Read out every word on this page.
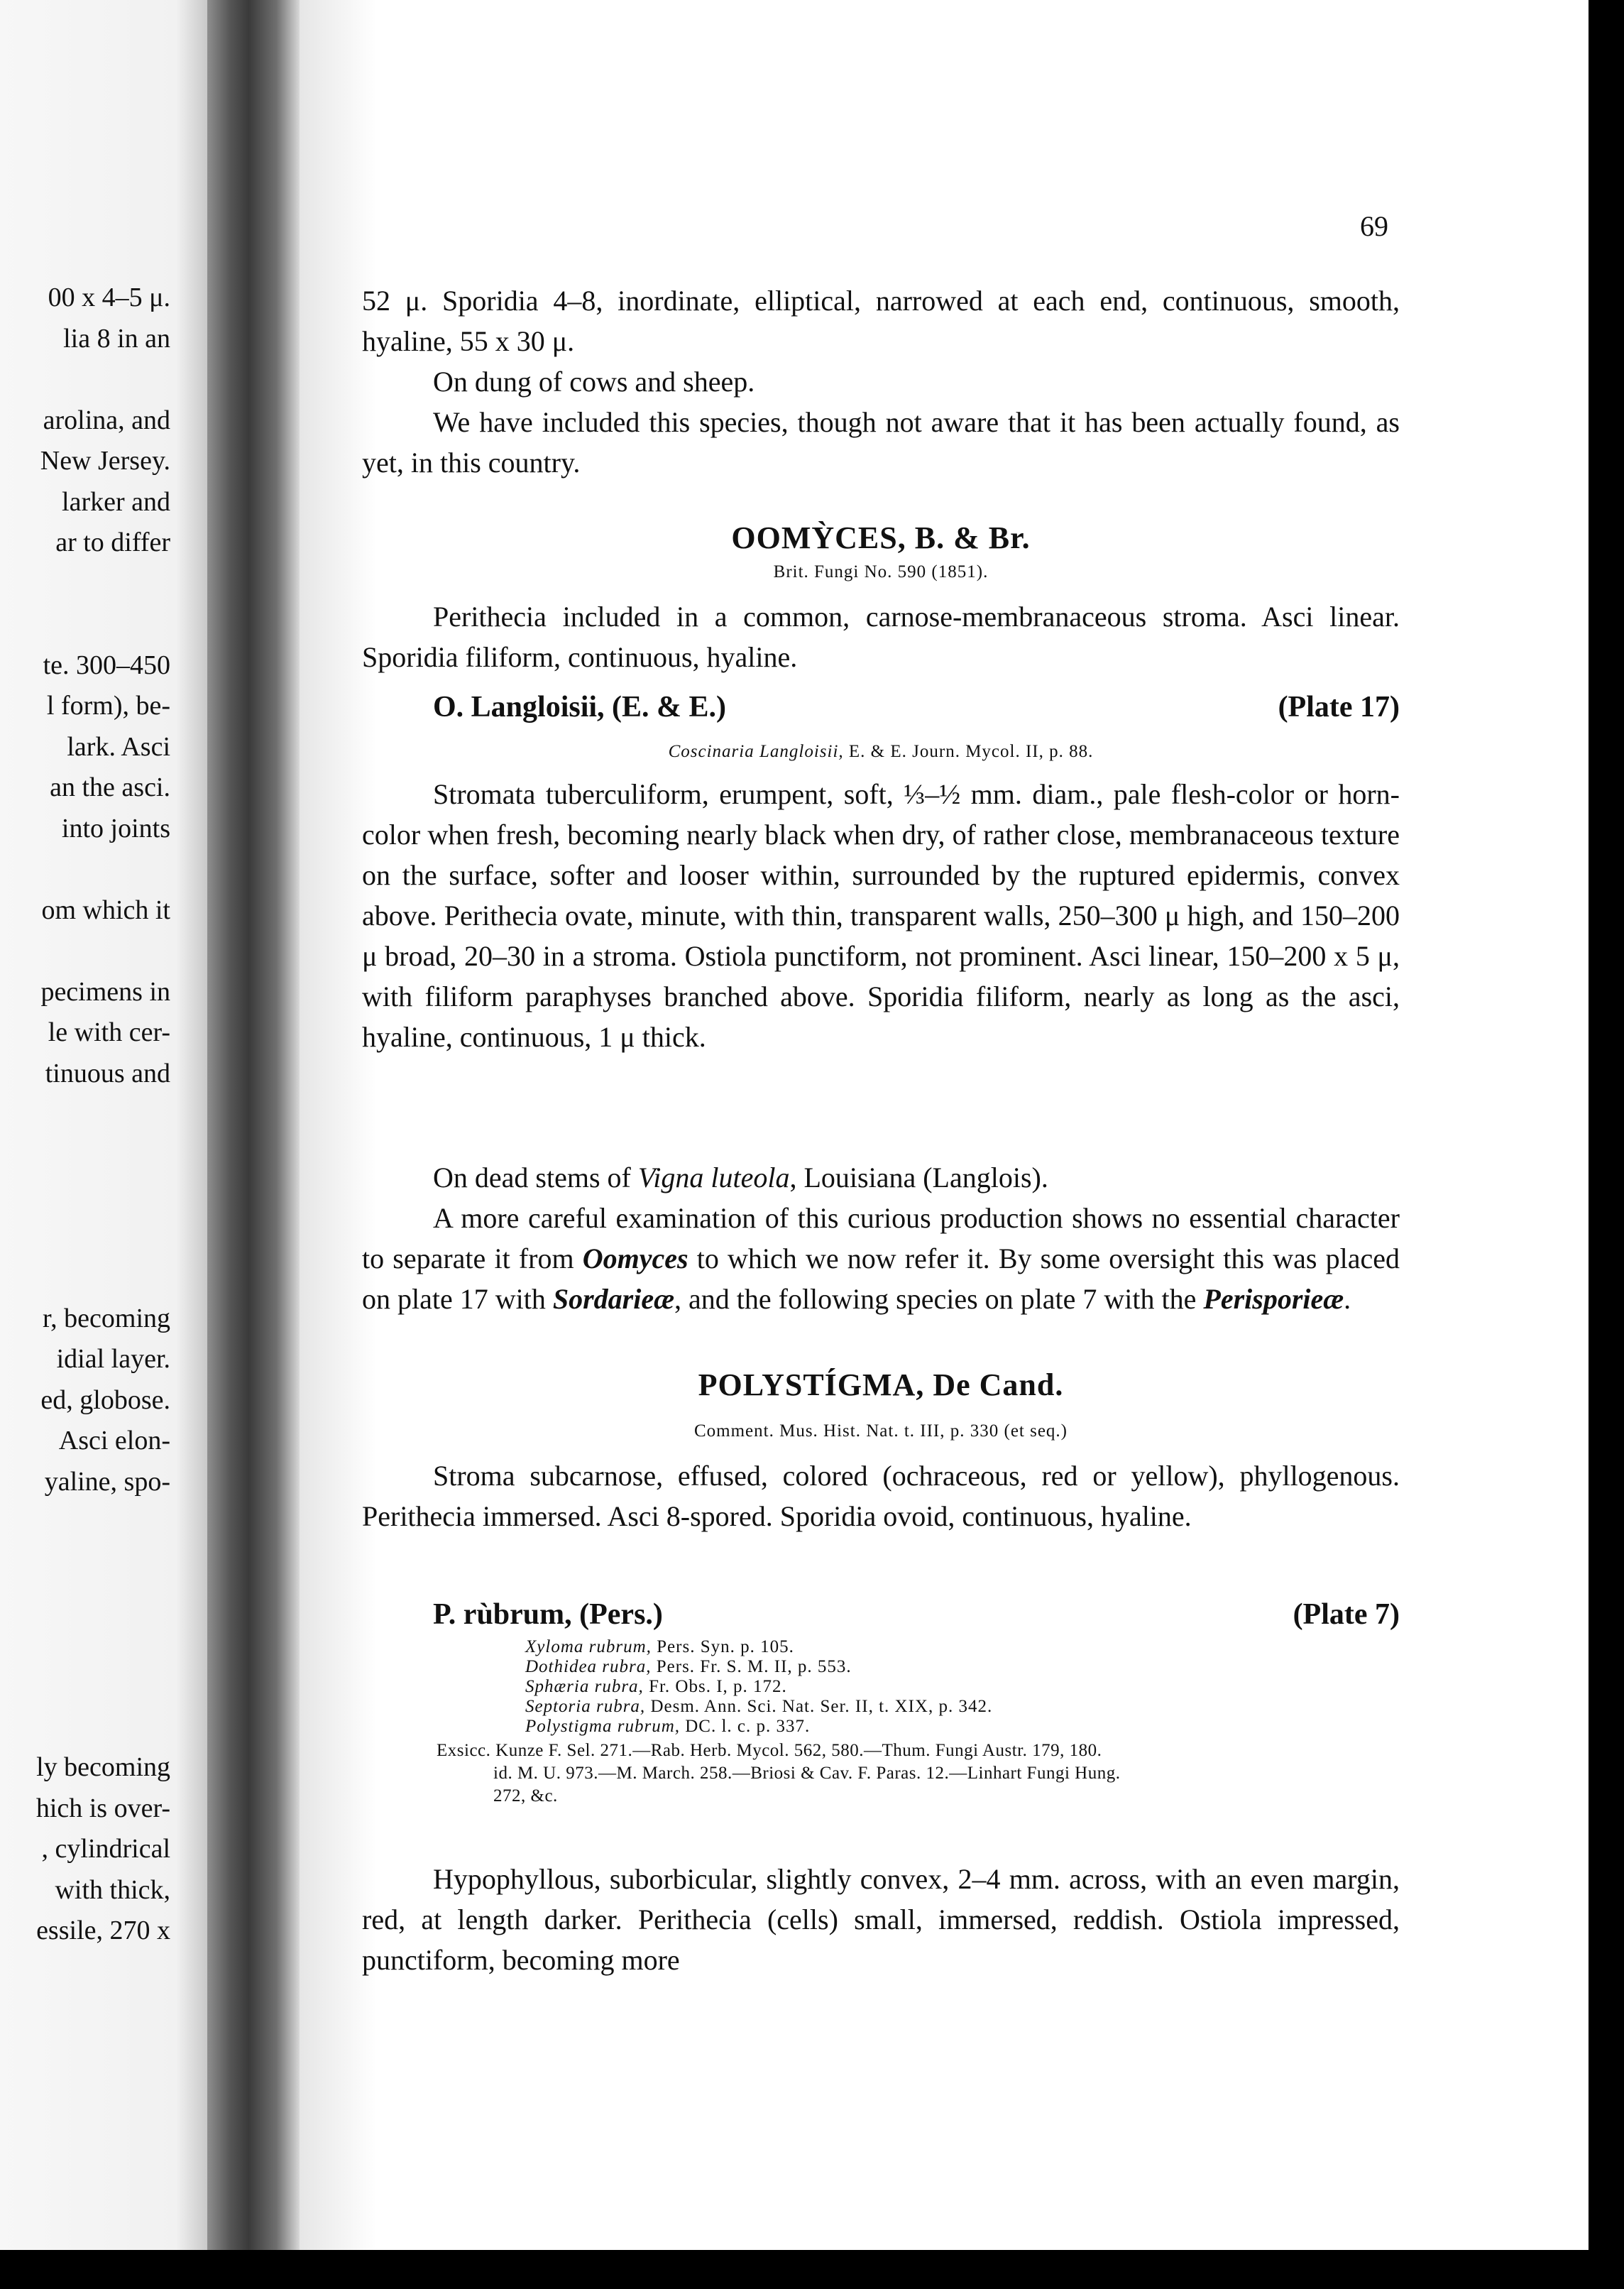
00 x 4–5 μ.
lia 8 in an
arolina, and
New Jersey.
larker and
ar to differ
te. 300–450
l form), be-
lark. Asci
an the asci.
into joints
om which it
pecimens in
le with cer-
tinuous and
r, becoming
idial layer.
ed, globose.
Asci elon-
yaline, spo-
ly becoming
hich is over-
, cylindrical
with thick,
essile, 270 x
69
52 μ. Sporidia 4–8, inordinate, elliptical, narrowed at each end, continuous, smooth, hyaline, 55 x 30 μ.
On dung of cows and sheep.
We have included this species, though not aware that it has been actually found, as yet, in this country.
OOMỲCES, B. & Br.
Brit. Fungi No. 590 (1851).
Perithecia included in a common, carnose-membranaceous stroma. Asci linear. Sporidia filiform, continuous, hyaline.
O. Langloisii, (E. & E.)	(Plate 17)
Coscinaria Langloisii, E. & E. Journ. Mycol. II, p. 88.
Stromata tuberculiform, erumpent, soft, ⅓–½ mm. diam., pale flesh-color or horn-color when fresh, becoming nearly black when dry, of rather close, membranaceous texture on the surface, softer and looser within, surrounded by the ruptured epidermis, convex above. Perithecia ovate, minute, with thin, transparent walls, 250–300 μ high, and 150–200 μ broad, 20–30 in a stroma. Ostiola punctiform, not prominent. Asci linear, 150–200 x 5 μ, with filiform paraphyses branched above. Sporidia filiform, nearly as long as the asci, hyaline, continuous, 1 μ thick.
On dead stems of Vigna luteola, Louisiana (Langlois).
A more careful examination of this curious production shows no essential character to separate it from Oomyces to which we now refer it. By some oversight this was placed on plate 17 with Sordarieæ, and the following species on plate 7 with the Perisporieæ.
POLYSTÍGMA, De Cand.
Comment. Mus. Hist. Nat. t. III, p. 330 (et seq.)
Stroma subcarnose, effused, colored (ochraceous, red or yellow), phyllogenous. Perithecia immersed. Asci 8-spored. Sporidia ovoid, continuous, hyaline.
P. rùbrum, (Pers.)	(Plate 7)
Xyloma rubrum, Pers. Syn. p. 105.
Dothidea rubra, Pers. Fr. S. M. II, p. 553.
Sphæria rubra, Fr. Obs. I, p. 172.
Septoria rubra, Desm. Ann. Sci. Nat. Ser. II, t. XIX, p. 342.
Polystigma rubrum, DC. l. c. p. 337.
Exsicc. Kunze F. Sel. 271.—Rab. Herb. Mycol. 562, 580.—Thum. Fungi Austr. 179, 180.
id. M. U. 973.—M. March. 258.—Briosi & Cav. F. Paras. 12.—Linhart Fungi Hung.
272, &c.
Hypophyllous, suborbicular, slightly convex, 2–4 mm. across, with an even margin, red, at length darker. Perithecia (cells) small, immersed, reddish. Ostiola impressed, punctiform, becoming more
